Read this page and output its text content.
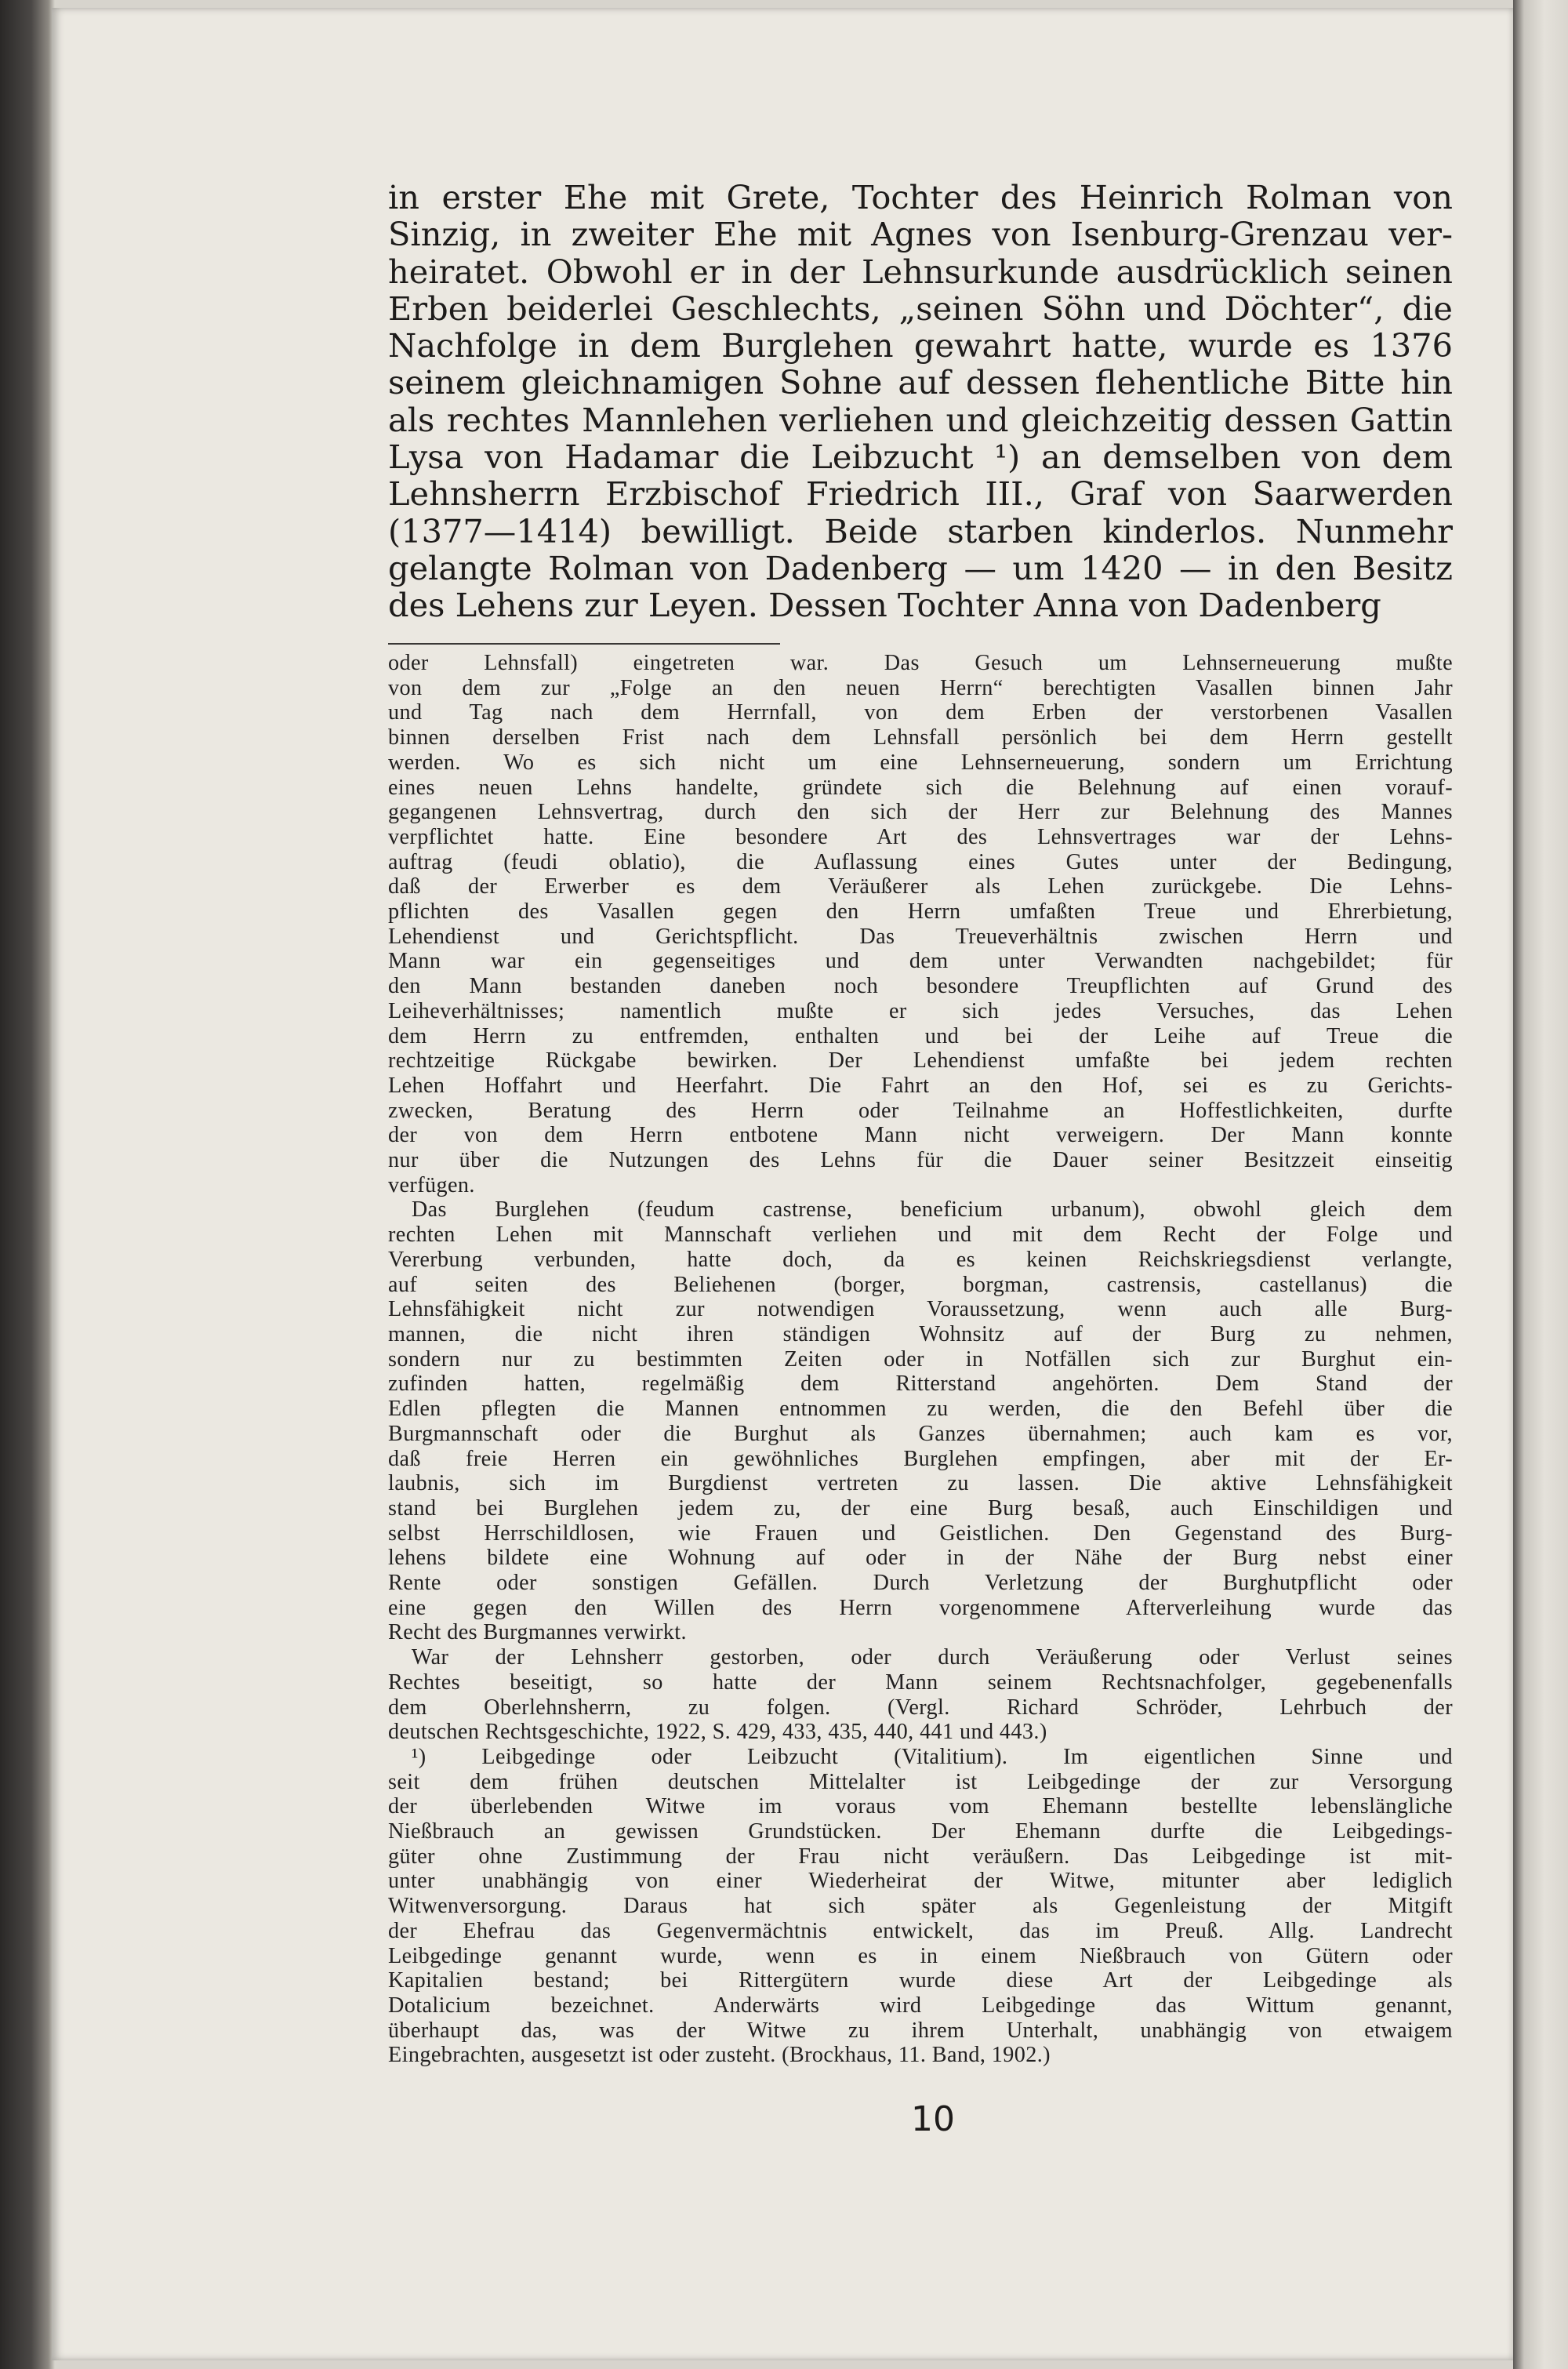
in erster Ehe mit Grete, Tochter des Heinrich Rolman von
Sinzig, in zweiter Ehe mit Agnes von Isenburg-Grenzau ver-
heiratet. Obwohl er in der Lehnsurkunde ausdrücklich seinen
Erben beiderlei Geschlechts, „seinen Söhn und Döchter“, die
Nachfolge in dem Burglehen gewahrt hatte, wurde es 1376
seinem gleichnamigen Sohne auf dessen flehentliche Bitte hin
als rechtes Mannlehen verliehen und gleichzeitig dessen Gattin
Lysa von Hadamar die Leibzucht ¹) an demselben von dem
Lehnsherrn Erzbischof Friedrich III., Graf von Saarwerden
(1377—1414) bewilligt. Beide starben kinderlos. Nunmehr
gelangte Rolman von Dadenberg — um 1420 — in den Besitz
des Lehens zur Leyen. Dessen Tochter Anna von Dadenberg
oder Lehnsfall) eingetreten war. Das Gesuch um Lehnserneuerung mußte
von dem zur „Folge an den neuen Herrn“ berechtigten Vasallen binnen Jahr
und Tag nach dem Herrnfall, von dem Erben der verstorbenen Vasallen
binnen derselben Frist nach dem Lehnsfall persönlich bei dem Herrn gestellt
werden. Wo es sich nicht um eine Lehnserneuerung, sondern um Errichtung
eines neuen Lehns handelte, gründete sich die Belehnung auf einen vorauf-
gegangenen Lehnsvertrag, durch den sich der Herr zur Belehnung des Mannes
verpflichtet hatte. Eine besondere Art des Lehnsvertrages war der Lehns-
auftrag (feudi oblatio), die Auflassung eines Gutes unter der Bedingung,
daß der Erwerber es dem Veräußerer als Lehen zurückgebe. Die Lehns-
pflichten des Vasallen gegen den Herrn umfaßten Treue und Ehrerbietung,
Lehendienst und Gerichtspflicht. Das Treueverhältnis zwischen Herrn und
Mann war ein gegenseitiges und dem unter Verwandten nachgebildet; für
den Mann bestanden daneben noch besondere Treupflichten auf Grund des
Leiheverhältnisses; namentlich mußte er sich jedes Versuches, das Lehen
dem Herrn zu entfremden, enthalten und bei der Leihe auf Treue die
rechtzeitige Rückgabe bewirken. Der Lehendienst umfaßte bei jedem rechten
Lehen Hoffahrt und Heerfahrt. Die Fahrt an den Hof, sei es zu Gerichts-
zwecken, Beratung des Herrn oder Teilnahme an Hoffestlichkeiten, durfte
der von dem Herrn entbotene Mann nicht verweigern. Der Mann konnte
nur über die Nutzungen des Lehns für die Dauer seiner Besitzzeit einseitig
verfügen.
Das Burglehen (feudum castrense, beneficium urbanum), obwohl gleich dem
rechten Lehen mit Mannschaft verliehen und mit dem Recht der Folge und
Vererbung verbunden, hatte doch, da es keinen Reichskriegsdienst verlangte,
auf seiten des Beliehenen (borger, borgman, castrensis, castellanus) die
Lehnsfähigkeit nicht zur notwendigen Voraussetzung, wenn auch alle Burg-
mannen, die nicht ihren ständigen Wohnsitz auf der Burg zu nehmen,
sondern nur zu bestimmten Zeiten oder in Notfällen sich zur Burghut ein-
zufinden hatten, regelmäßig dem Ritterstand angehörten. Dem Stand der
Edlen pflegten die Mannen entnommen zu werden, die den Befehl über die
Burgmannschaft oder die Burghut als Ganzes übernahmen; auch kam es vor,
daß freie Herren ein gewöhnliches Burglehen empfingen, aber mit der Er-
laubnis, sich im Burgdienst vertreten zu lassen. Die aktive Lehnsfähigkeit
stand bei Burglehen jedem zu, der eine Burg besaß, auch Einschildigen und
selbst Herrschildlosen, wie Frauen und Geistlichen. Den Gegenstand des Burg-
lehens bildete eine Wohnung auf oder in der Nähe der Burg nebst einer
Rente oder sonstigen Gefällen. Durch Verletzung der Burghutpflicht oder
eine gegen den Willen des Herrn vorgenommene Afterverleihung wurde das
Recht des Burgmannes verwirkt.
War der Lehnsherr gestorben, oder durch Veräußerung oder Verlust seines
Rechtes beseitigt, so hatte der Mann seinem Rechtsnachfolger, gegebenenfalls
dem Oberlehnsherrn, zu folgen. (Vergl. Richard Schröder, Lehrbuch der
deutschen Rechtsgeschichte, 1922, S. 429, 433, 435, 440, 441 und 443.)
¹) Leibgedinge oder Leibzucht (Vitalitium). Im eigentlichen Sinne und
seit dem frühen deutschen Mittelalter ist Leibgedinge der zur Versorgung
der überlebenden Witwe im voraus vom Ehemann bestellte lebenslängliche
Nießbrauch an gewissen Grundstücken. Der Ehemann durfte die Leibgedings-
güter ohne Zustimmung der Frau nicht veräußern. Das Leibgedinge ist mit-
unter unabhängig von einer Wiederheirat der Witwe, mitunter aber lediglich
Witwenversorgung. Daraus hat sich später als Gegenleistung der Mitgift
der Ehefrau das Gegenvermächtnis entwickelt, das im Preuß. Allg. Landrecht
Leibgedinge genannt wurde, wenn es in einem Nießbrauch von Gütern oder
Kapitalien bestand; bei Rittergütern wurde diese Art der Leibgedinge als
Dotalicium bezeichnet. Anderwärts wird Leibgedinge das Wittum genannt,
überhaupt das, was der Witwe zu ihrem Unterhalt, unabhängig von etwaigem
Eingebrachten, ausgesetzt ist oder zusteht. (Brockhaus, 11. Band, 1902.)
10
